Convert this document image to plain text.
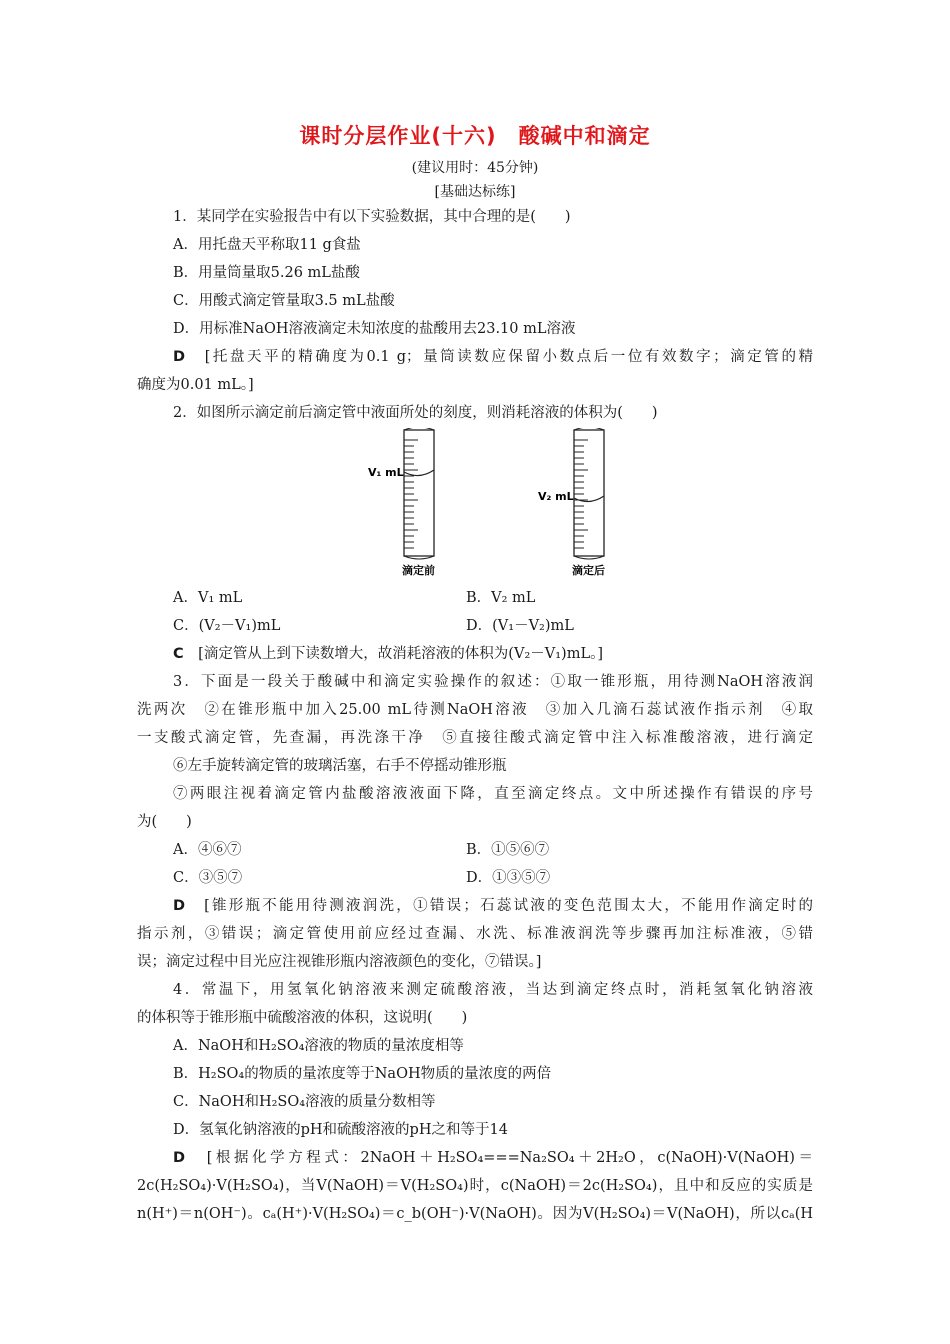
课时分层作业(十六)　酸碱中和滴定
(建议用时：45分钟)
[基础达标练]
1．某同学在实验报告中有以下实验数据，其中合理的是(　　)
A．用托盘天平称取11 g食盐
B．用量筒量取5.26 mL盐酸
C．用酸式滴定管量取3.5 mL盐酸
D．用标准NaOH溶液滴定未知浓度的盐酸用去23.10 mL溶液
D　 [托盘天平的精确度为0.1 g；量筒读数应保留小数点后一位有效数字；滴定管的精
确度为0.01 mL。]
2．如图所示滴定前后滴定管中液面所处的刻度，则消耗溶液的体积为(　　)
V₁ mL
V₂ mL
滴定前	滴定后
A．V₁ mL	B．V₂ mL
C．(V₂－V₁)mL	D．(V₁－V₂)mL
C　 [滴定管从上到下读数增大，故消耗溶液的体积为(V₂－V₁)mL。]
3．下面是一段关于酸碱中和滴定实验操作的叙述：①取一锥形瓶，用待测NaOH溶液润
洗两次　②在锥形瓶中加入25.00 mL待测NaOH溶液　③加入几滴石蕊试液作指示剂　④取
一支酸式滴定管，先查漏，再洗涤干净　⑤直接往酸式滴定管中注入标准酸溶液，进行滴定
⑥左手旋转滴定管的玻璃活塞，右手不停摇动锥形瓶
⑦两眼注视着滴定管内盐酸溶液液面下降，直至滴定终点。文中所述操作有错误的序号
为(　　)
A．④⑥⑦	B．①⑤⑥⑦
C．③⑤⑦	D．①③⑤⑦
D　 [锥形瓶不能用待测液润洗，①错误；石蕊试液的变色范围太大，不能用作滴定时的
指示剂，③错误；滴定管使用前应经过查漏、水洗、标准液润洗等步骤再加注标准液，⑤错
误；滴定过程中目光应注视锥形瓶内溶液颜色的变化，⑦错误。]
4．常温下，用氢氧化钠溶液来测定硫酸溶液，当达到滴定终点时，消耗氢氧化钠溶液
的体积等于锥形瓶中硫酸溶液的体积，这说明(　　)
A．NaOH和H₂SO₄溶液的物质的量浓度相等
B．H₂SO₄的物质的量浓度等于NaOH物质的量浓度的两倍
C．NaOH和H₂SO₄溶液的质量分数相等
D．氢氧化钠溶液的pH和硫酸溶液的pH之和等于14
D　 [根据化学方程式：2NaOH＋H₂SO₄===Na₂SO₄＋2H₂O，c(NaOH)·V(NaOH)＝
2c(H₂SO₄)·V(H₂SO₄)，当V(NaOH)＝V(H₂SO₄)时，c(NaOH)＝2c(H₂SO₄)，且中和反应的实质是
n(H⁺)＝n(OH⁻)。cₐ(H⁺)·V(H₂SO₄)＝c_b(OH⁻)·V(NaOH)。因为V(H₂SO₄)＝V(NaOH)，所以cₐ(H
